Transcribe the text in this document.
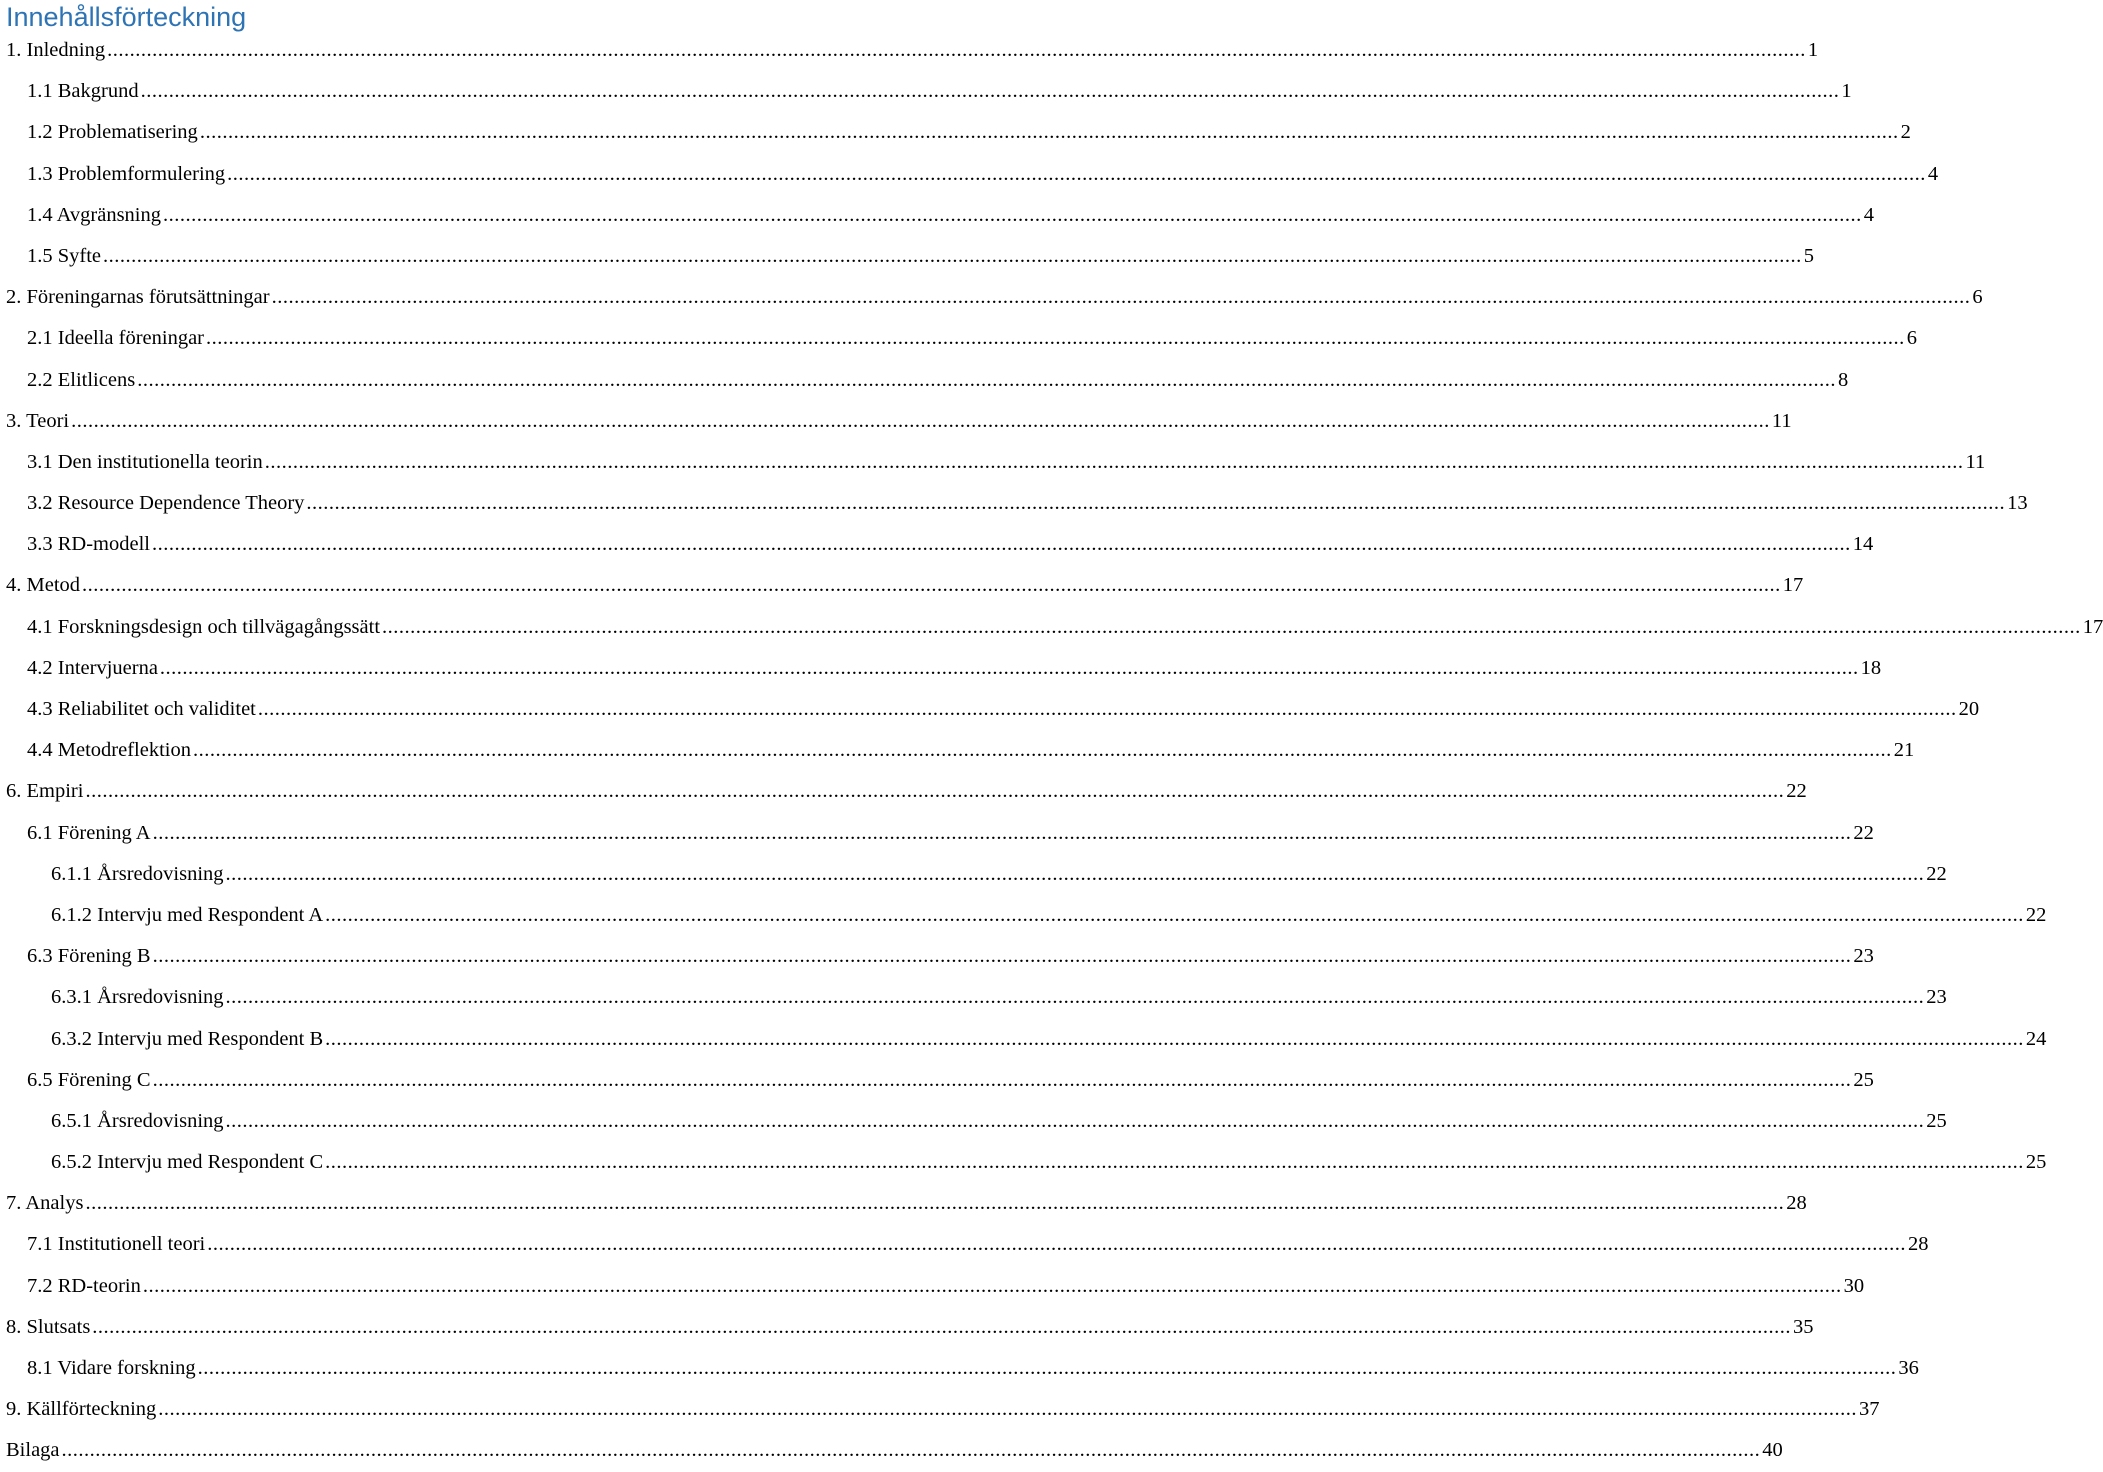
Innehållsförteckning
1. Inledning .............................................................................................................................................................................................................................................................................................................. 1
1.1 Bakgrund .............................................................................................................................................................................................................................................................................................................. 1
1.2 Problematisering .............................................................................................................................................................................................................................................................................................................. 2
1.3 Problemformulering .............................................................................................................................................................................................................................................................................................................. 4
1.4 Avgränsning .............................................................................................................................................................................................................................................................................................................. 4
1.5 Syfte .............................................................................................................................................................................................................................................................................................................. 5
2. Föreningarnas förutsättningar .............................................................................................................................................................................................................................................................................................................. 6
2.1 Ideella föreningar .............................................................................................................................................................................................................................................................................................................. 6
2.2 Elitlicens .............................................................................................................................................................................................................................................................................................................. 8
3. Teori .............................................................................................................................................................................................................................................................................................................. 11
3.1 Den institutionella teorin .............................................................................................................................................................................................................................................................................................................. 11
3.2 Resource Dependence Theory .............................................................................................................................................................................................................................................................................................................. 13
3.3 RD-modell .............................................................................................................................................................................................................................................................................................................. 14
4. Metod .............................................................................................................................................................................................................................................................................................................. 17
4.1 Forskningsdesign och tillvägagångssätt .............................................................................................................................................................................................................................................................................................................. 17
4.2 Intervjuerna .............................................................................................................................................................................................................................................................................................................. 18
4.3 Reliabilitet och validitet .............................................................................................................................................................................................................................................................................................................. 20
4.4 Metodreflektion .............................................................................................................................................................................................................................................................................................................. 21
6. Empiri .............................................................................................................................................................................................................................................................................................................. 22
6.1 Förening A .............................................................................................................................................................................................................................................................................................................. 22
6.1.1 Årsredovisning .............................................................................................................................................................................................................................................................................................................. 22
6.1.2 Intervju med Respondent A .............................................................................................................................................................................................................................................................................................................. 22
6.3 Förening B .............................................................................................................................................................................................................................................................................................................. 23
6.3.1 Årsredovisning .............................................................................................................................................................................................................................................................................................................. 23
6.3.2 Intervju med Respondent B .............................................................................................................................................................................................................................................................................................................. 24
6.5 Förening C .............................................................................................................................................................................................................................................................................................................. 25
6.5.1 Årsredovisning .............................................................................................................................................................................................................................................................................................................. 25
6.5.2 Intervju med Respondent C .............................................................................................................................................................................................................................................................................................................. 25
7. Analys .............................................................................................................................................................................................................................................................................................................. 28
7.1 Institutionell teori .............................................................................................................................................................................................................................................................................................................. 28
7.2 RD-teorin .............................................................................................................................................................................................................................................................................................................. 30
8. Slutsats .............................................................................................................................................................................................................................................................................................................. 35
8.1 Vidare forskning .............................................................................................................................................................................................................................................................................................................. 36
9. Källförteckning .............................................................................................................................................................................................................................................................................................................. 37
Bilaga .............................................................................................................................................................................................................................................................................................................. 40
